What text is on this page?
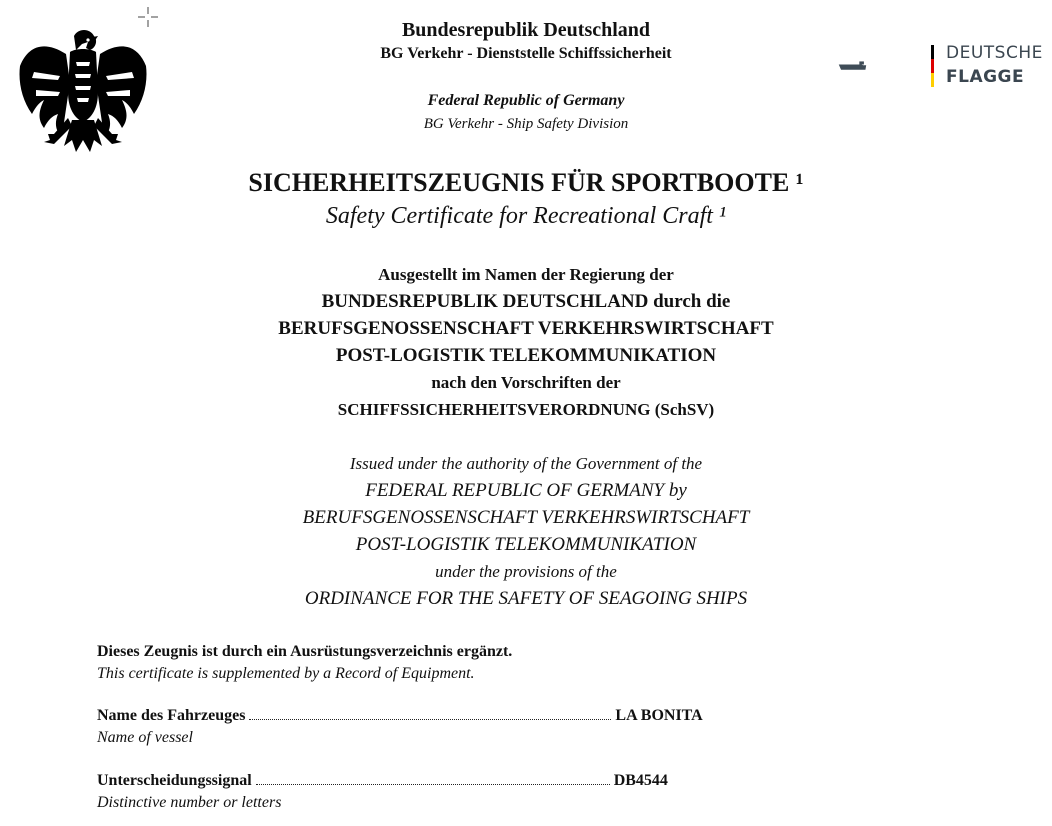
DEUTSCHE
FLAGGE
Bundesrepublik Deutschland
BG Verkehr - Dienststelle Schiffssicherheit
Federal Republic of Germany
BG Verkehr - Ship Safety Division
SICHERHEITSZEUGNIS FÜR SPORTBOOTE ¹
Safety Certificate for Recreational Craft ¹
Ausgestellt im Namen der Regierung der
BUNDESREPUBLIK DEUTSCHLAND durch die
BERUFSGENOSSENSCHAFT VERKEHRSWIRTSCHAFT
POST-LOGISTIK TELEKOMMUNIKATION
nach den Vorschriften der
SCHIFFSSICHERHEITSVERORDNUNG (SchSV)
Issued under the authority of the Government of the
FEDERAL REPUBLIC OF GERMANY by
BERUFSGENOSSENSCHAFT VERKEHRSWIRTSCHAFT
POST-LOGISTIK TELEKOMMUNIKATION
under the provisions of the
ORDINANCE FOR THE SAFETY OF SEAGOING SHIPS
Dieses Zeugnis ist durch ein Ausrüstungsverzeichnis ergänzt.
This certificate is supplemented by a Record of Equipment.
Name des Fahrzeuges	LA BONITA
Name of vessel
Unterscheidungssignal	DB4544
Distinctive number or letters
